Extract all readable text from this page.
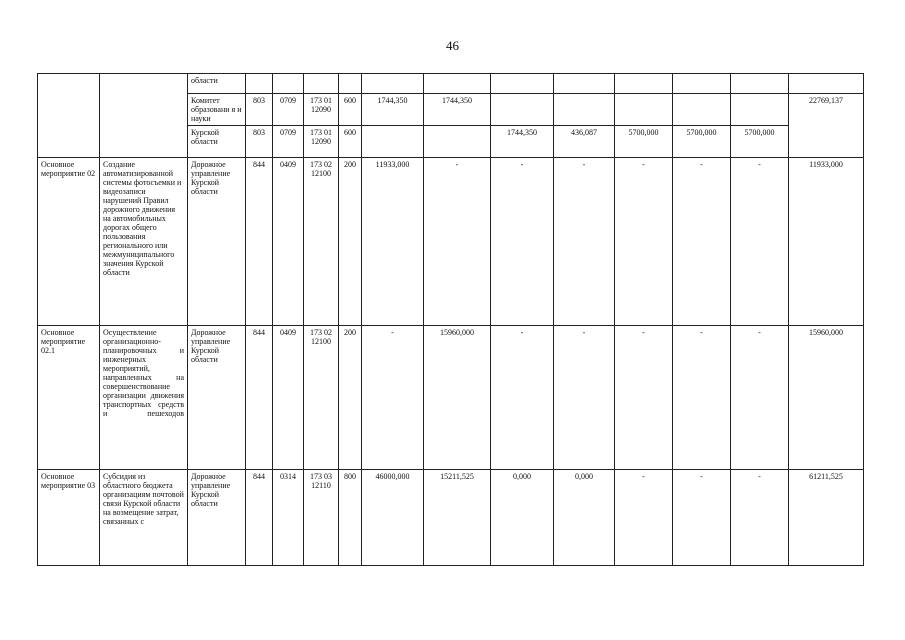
46
		области												
		Комитет образовани я и науки	803	0709	173 01 12090	600	1744,350	1744,350						22769,137
		Курской области	803	0709	173 01 12090	600			1744,350	436,087	5700,000	5700,000	5700,000	
Основное мероприятие 02	Создание автоматизированной системы фотосъемки и видеозаписи нарушений Правил дорожного движения на автомобильных дорогах общего пользования регионального или межмуниципального значения Курской области	Дорожное управление Курской области	844	0409	173 02 12100	200	11933,000	-	-	-	-	-	-	11933,000
Основное мероприятие 02.1	Осуществление организационно-планировочных и инженерных мероприятий, направленных на совершенствование организации движения транспортных средств и пешеходов	Дорожное управление Курской области	844	0409	173 02 12100	200	-	15960,000	-	-	-	-	-	15960,000
Основное мероприятие 03	Субсидия из областного бюджета организациям почтовой связи Курской области на возмещение затрат, связанных с	Дорожное управление Курской области	844	0314	173 03 12110	800	46000,000	15211,525	0,000	0,000	-	-	-	61211,525
